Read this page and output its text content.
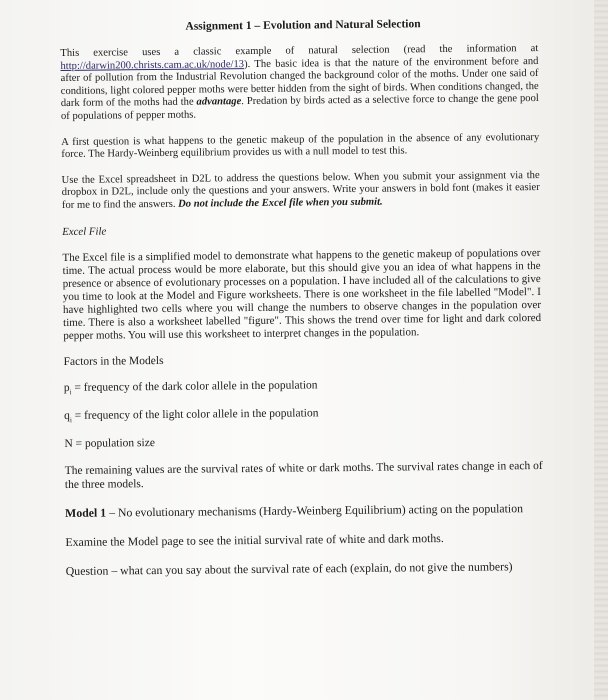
Assignment 1 – Evolution and Natural Selection

This exercise uses a classic example of natural selection (read the information at http://darwin200.christs.cam.ac.uk/node/13). The basic idea is that the nature of the environment before and after of pollution from the Industrial Revolution changed the background color of the moths. Under one said of conditions, light colored pepper moths were better hidden from the sight of birds. When conditions changed, the dark form of the moths had the advantage. Predation by birds acted as a selective force to change the gene pool of populations of pepper moths.

A first question is what happens to the genetic makeup of the population in the absence of any evolutionary force. The Hardy-Weinberg equilibrium provides us with a null model to test this.

Use the Excel spreadsheet in D2L to address the questions below. When you submit your assignment via the dropbox in D2L, include only the questions and your answers. Write your answers in bold font (makes it easier for me to find the answers. Do not include the Excel file when you submit.

Excel File

The Excel file is a simplified model to demonstrate what happens to the genetic makeup of populations over time. The actual process would be more elaborate, but this should give you an idea of what happens in the presence or absence of evolutionary processes on a population. I have included all of the calculations to give you time to look at the Model and Figure worksheets. There is one worksheet in the file labelled "Model". I have highlighted two cells where you will change the numbers to observe changes in the population over time. There is also a worksheet labelled "figure". This shows the trend over time for light and dark colored pepper moths. You will use this worksheet to interpret changes in the population.

Factors in the Models

$p_i$ = frequency of the dark color allele in the population

$q_i$ = frequency of the light color allele in the population

N = population size

The remaining values are the survival rates of white or dark moths. The survival rates change in each of the three models.

Model 1 – No evolutionary mechanisms (Hardy-Weinberg Equilibrium) acting on the population

Examine the Model page to see the initial survival rate of white and dark moths.

Question – what can you say about the survival rate of each (explain, do not give the numbers)
